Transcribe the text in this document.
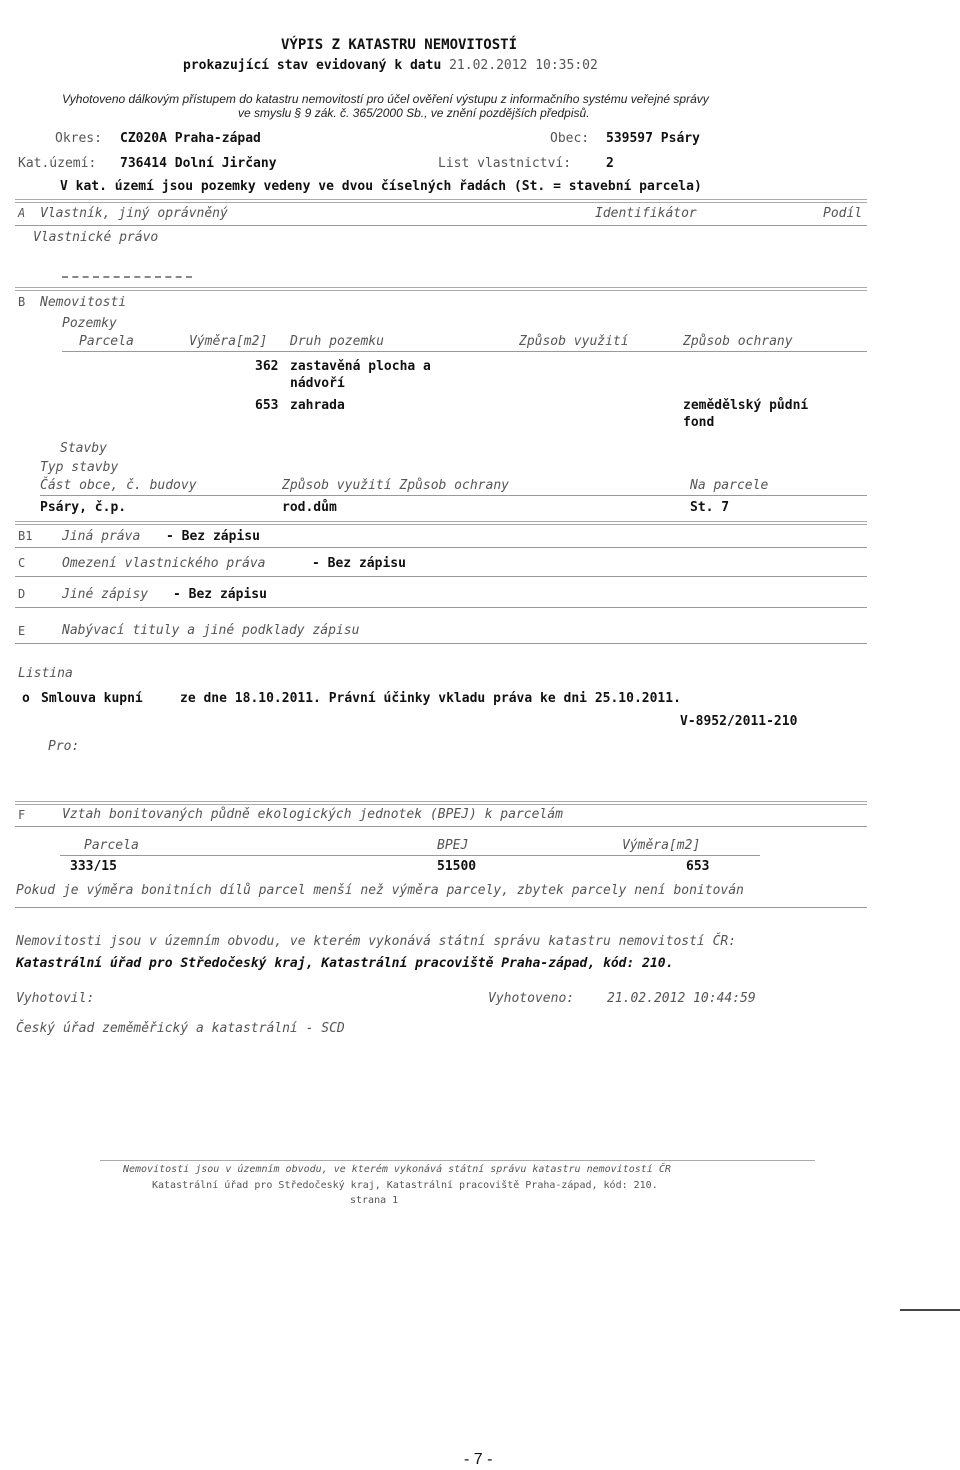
VÝPIS Z KATASTRU NEMOVITOSTÍ
prokazující stav evidovaný k datu 21.02.2012 10:35:02
Vyhotoveno dálkovým přístupem do katastru nemovitostí pro účel ověření výstupu z informačního systému veřejné správy
ve smyslu § 9 zák. č. 365/2000 Sb., ve znění pozdějších předpisů.
Okres: CZ020A Praha-západ	Obec: 539597 Psáry
Kat.území: 736414 Dolní Jirčany	List vlastnictví:	2
V kat. území jsou pozemky vedeny ve dvou číselných řadách (St. = stavební parcela)
A Vlastník, jiný oprávněný	Identifikátor	Podíl
Vlastnické právo
B Nemovitosti
Pozemky
Parcela	Výměra[m2] Druh pozemku	Způsob využití	Způsob ochrany
362 zastavěná plocha a
nádvoří
653 zahrada	zemědělský půdní
fond
Stavby
Typ stavby
Část obce, č. budovy	Způsob využití Způsob ochrany	Na parcele
Psáry, č.p.	rod.dům	St. 7
B1 Jiná práva - Bez zápisu
C	Omezení vlastnického práva	- Bez zápisu
D	Jiné zápisy - Bez zápisu
E	Nabývací tituly a jiné podklady zápisu
Listina
o Smlouva kupní	ze dne 18.10.2011. Právní účinky vkladu práva ke dni 25.10.2011.
V-8952/2011-210
Pro:
F	Vztah bonitovaných půdně ekologických jednotek (BPEJ) k parcelám
Parcela	BPEJ	Výměra[m2]
333/15	51500	653
Pokud je výměra bonitních dílů parcel menší než výměra parcely, zbytek parcely není bonitován
Nemovitosti jsou v územním obvodu, ve kterém vykonává státní správu katastru nemovitostí ČR:
Katastrální úřad pro Středočeský kraj, Katastrální pracoviště Praha-západ, kód: 210.
Vyhotovil:	Vyhotoveno:	21.02.2012 10:44:59
Český úřad zeměměřický a katastrální - SCD
Nemovitosti jsou v územním obvodu, ve kterém vykonává státní správu katastru nemovitostí ČR
Katastrální úřad pro Středočeský kraj, Katastrální pracoviště Praha-západ, kód: 210.
strana 1
- 7 -
